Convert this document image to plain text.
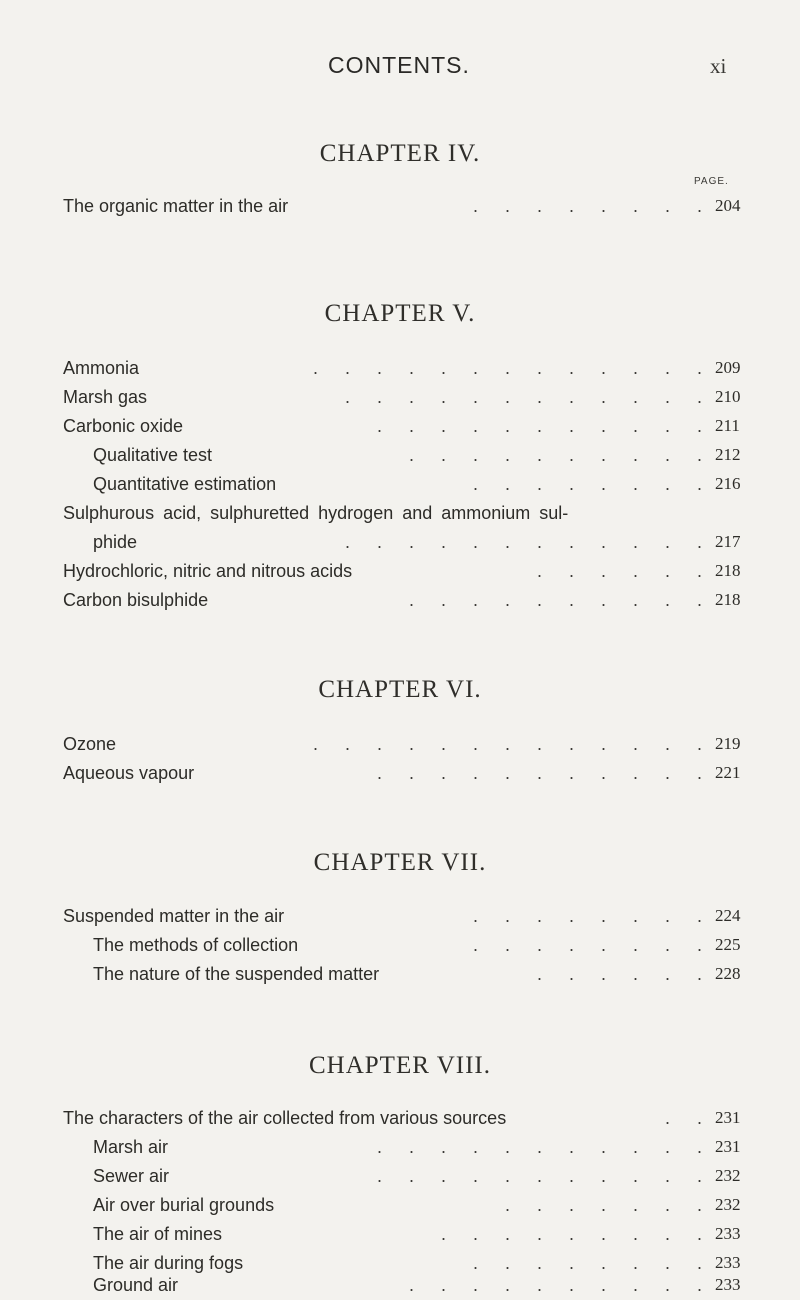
CONTENTS.	xi
CHAPTER IV.
PAGE.
The organic matter in the air	. . . . . . . . 204
CHAPTER V.
Ammonia	. . . . . . . . . . . . . 209
Marsh gas	. . . . . . . . . . . . 210
Carbonic oxide	. . . . . . . . . . . 211
Qualitative test	. . . . . . . . . . 212
Quantitative estimation	. . . . . . . . 216
Sulphurous acid, sulphuretted hydrogen and ammonium sul-
phide	. . . . . . . . . . . . 217
Hydrochloric, nitric and nitrous acids	. . . . . . 218
Carbon bisulphide	. . . . . . . . . . 218
CHAPTER VI.
Ozone	. . . . . . . . . . . . . 219
Aqueous vapour	. . . . . . . . . . . 221
CHAPTER VII.
Suspended matter in the air	. . . . . . . . 224
The methods of collection	. . . . . . . . 225
The nature of the suspended matter	. . . . . . 228
CHAPTER VIII.
The characters of the air collected from various sources	. . 231
Marsh air	. . . . . . . . . . . 231
Sewer air	. . . . . . . . . . . 232
Air over burial grounds	. . . . . . . 232
The air of mines	. . . . . . . . . 233
The air during fogs	. . . . . . . . 233
Ground air	. . . . . . . . . . 233
